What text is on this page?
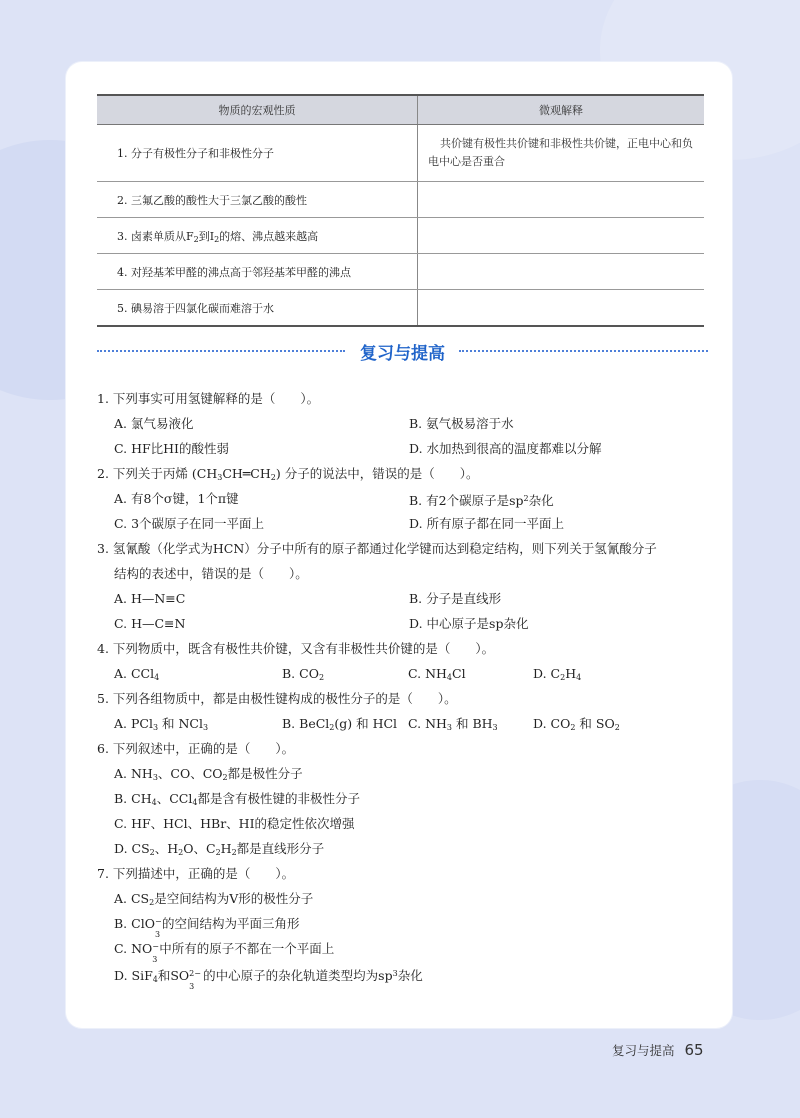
物质的宏观性质	微观解释
1. 分子有极性分子和非极性分子	共价键有极性共价键和非极性共价键，正电中心和负电中心是否重合
2. 三氟乙酸的酸性大于三氯乙酸的酸性	
3. 卤素单质从$F_2$到$I_2$的熔、沸点越来越高	
4. 对羟基苯甲醛的沸点高于邻羟基苯甲醛的沸点	
5. 碘易溶于四氯化碳而难溶于水	
复习与提高
1. 下列事实可用氢键解释的是（　　）。
A. 氯气易液化	B. 氨气极易溶于水
C. HF比HI的酸性弱	D. 水加热到很高的温度都难以分解
2. 下列关于丙烯 $(CH_3CH═CH_2)$ 分子的说法中，错误的是（　　）。
A. 有8个σ键，1个π键	B. 有2个碳原子是$sp^2$杂化
C. 3个碳原子在同一平面上	D. 所有原子都在同一平面上
3. 氢氰酸（化学式为HCN）分子中所有的原子都通过化学键而达到稳定结构，则下列关于氢氰酸分子
结构的表述中，错误的是（　　）。
A. H—N≡C	B. 分子是直线形
C. H—C≡N	D. 中心原子是sp杂化
4. 下列物质中，既含有极性共价键，又含有非极性共价键的是（　　）。
A. CCl$_4$	B. $CO_2$	C. $NH_4Cl$	D. $C_2H_4$
5. 下列各组物质中，都是由极性键构成的极性分子的是（　　）。
A. PCl$_3$ 和 NCl$_3$	B. BeCl$_2$(g) 和 HCl C. $NH_3$ 和 $BH_3$	D. $CO_2$ 和 $SO_2$
6. 下列叙述中，正确的是（　　）。
A. $NH_3$、CO、$CO_2$都是极性分子
B. $CH_4$、CCl$_4$都是含有极性键的非极性分子
C. HF、HCl、HBr、HI的稳定性依次增强
D. $CS_2$、$H_2O$、$C_2H_2$都是直线形分子
7. 下列描述中，正确的是（　　）。
A. $CS_2$是空间结构为V形的极性分子
B. ClO
3
− 的空间结构为平面三角形
C. NO
3
− 中所有的原子不都在一个平面上
D. SiF$_4$和SO
3
2− 的中心原子的杂化轨道类型均为$sp^3$杂化
复习与提高 65
